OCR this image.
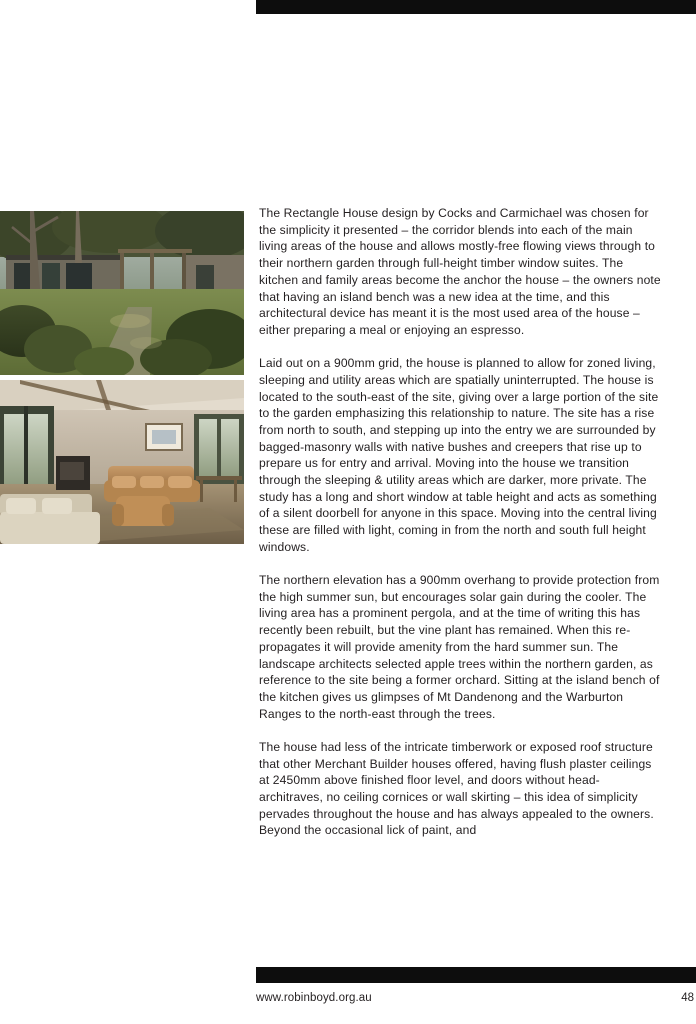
The Rectangle House design by Cocks and Carmichael was chosen for the simplicity it presented – the corridor blends into each of the main living areas of the house and allows mostly-free flowing views through to their northern garden through full-height timber window suites. The kitchen and family areas become the anchor the house – the owners note that having an island bench was a new idea at the time, and this architectural device has meant it is the most used area of the house – either preparing a meal or enjoying an espresso.

Laid out on a 900mm grid, the house is planned to allow for zoned living, sleeping and utility areas which are spatially uninterrupted. The house is located to the south-east of the site, giving over a large portion of the site to the garden emphasizing this relationship to nature. The site has a rise from north to south, and stepping up into the entry we are surrounded by bagged-masonry walls with native bushes and creepers that rise up to prepare us for entry and arrival. Moving into the house we transition through the sleeping & utility areas which are darker, more private. The study has a long and short window at table height and acts as something of a silent doorbell for anyone in this space. Moving into the central living these are filled with light, coming in from the north and south full height windows.

The northern elevation has a 900mm overhang to provide protection from the high summer sun, but encourages solar gain during the cooler. The living area has a prominent pergola, and at the time of writing this has recently been rebuilt, but the vine plant has remained. When this re-propagates it will provide amenity from the hard summer sun. The landscape architects selected apple trees within the northern garden, as reference to the site being a former orchard. Sitting at the island bench of the kitchen gives us glimpses of Mt Dandenong and the Warburton Ranges to the north-east through the trees.

The house had less of the intricate timberwork or exposed roof structure that other Merchant Builder houses offered, having flush plaster ceilings at 2450mm above finished floor level, and doors without head-architraves, no ceiling cornices or wall skirting – this idea of simplicity pervades throughout the house and has always appealed to the owners. Beyond the occasional lick of paint, and

www.robinboyd.org.au	48
